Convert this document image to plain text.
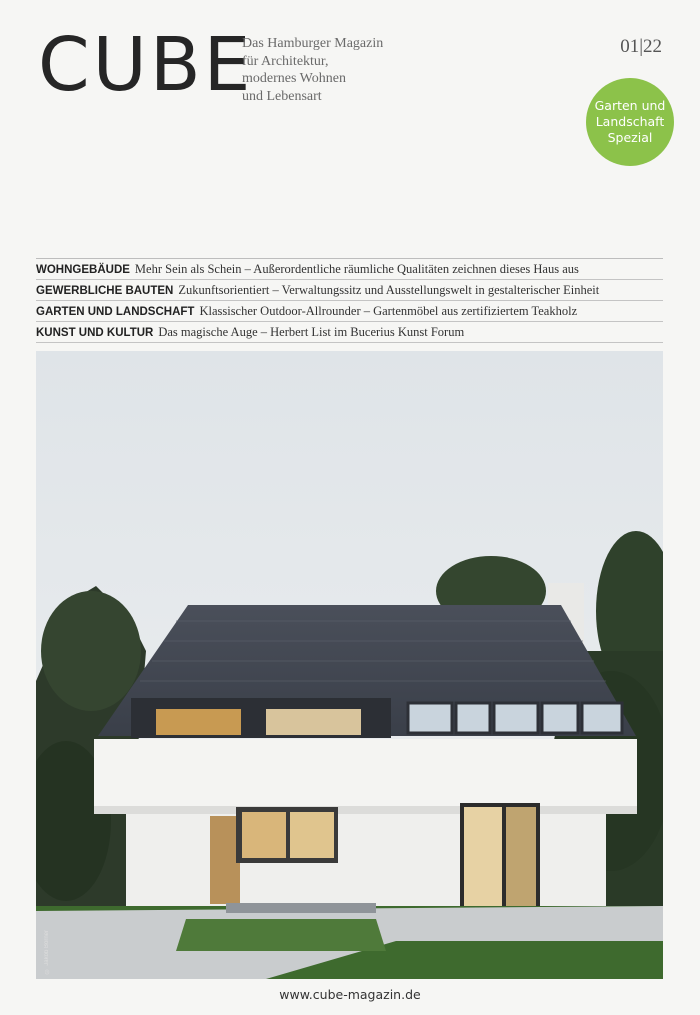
CUBE
Das Hamburger Magazin
für Architektur,
modernes Wohnen
und Lebensart
01|22
Garten und
Landschaft
Spezial
WOHNGEBÄUDE Mehr Sein als Schein – Außerordentliche räumliche Qualitäten zeichnen dieses Haus aus
GEWERBLICHE BAUTEN Zukunftsorientiert – Verwaltungssitz und Ausstellungswelt in gestalterischer Einheit
GARTEN UND LANDSCHAFT Klassischer Outdoor-Allrounder – Gartenmöbel aus zertifiziertem Teakholz
KUNST UND KULTUR Das magische Auge – Herbert List im Bucerius Kunst Forum
© Jakob Börner
www.cube-magazin.de
